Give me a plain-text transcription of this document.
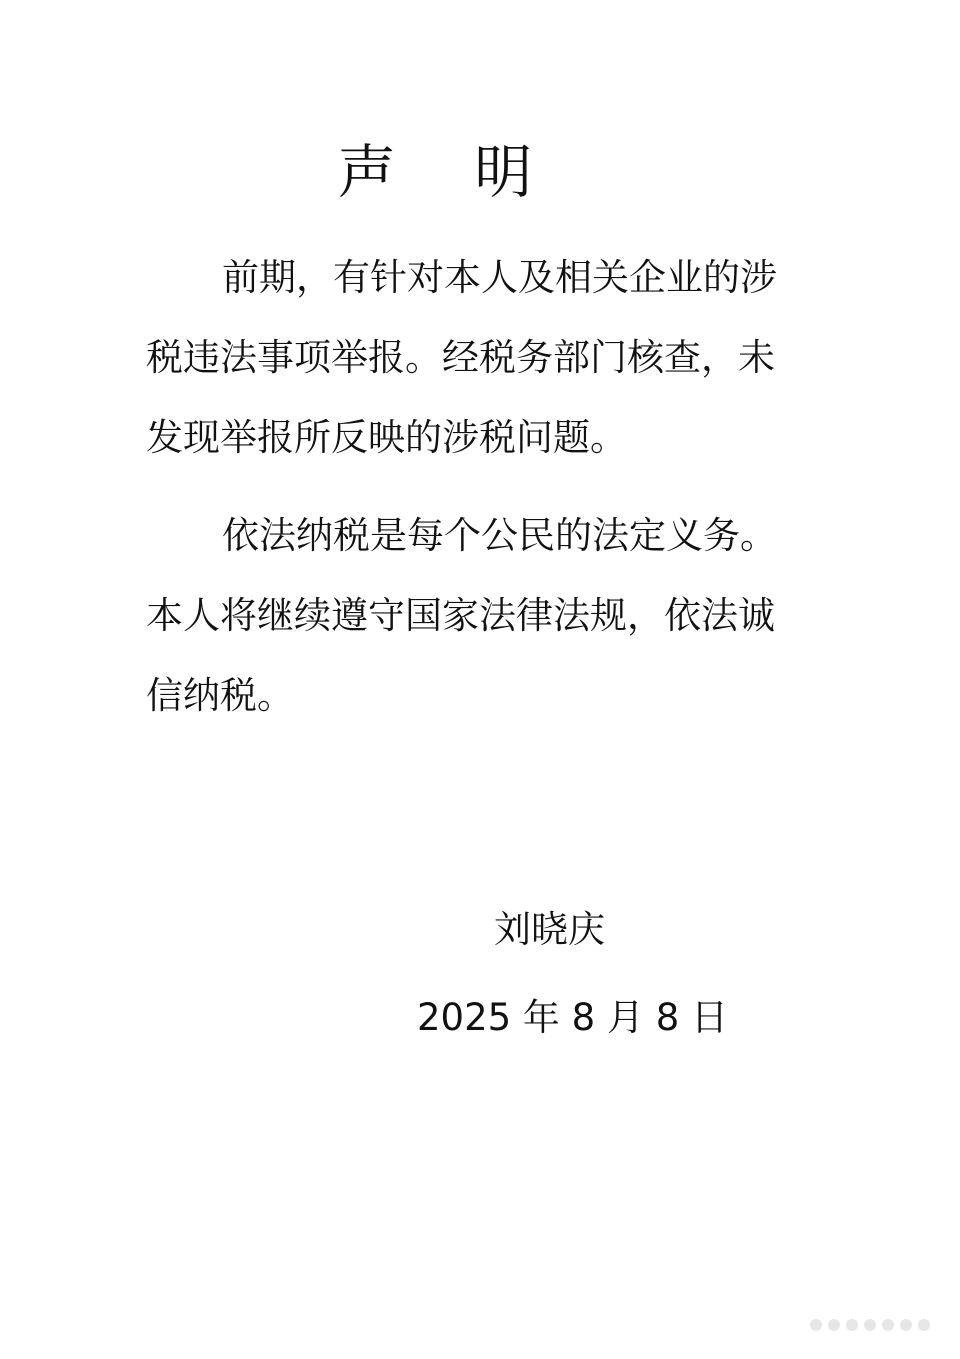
声 明

前期，有针对本人及相关企业的涉
税违法事项举报。经税务部门核查，未
发现举报所反映的涉税问题。

依法纳税是每个公民的法定义务。
本人将继续遵守国家法律法规，依法诚
信纳税。

刘晓庆

2025 年 8 月 8 日
